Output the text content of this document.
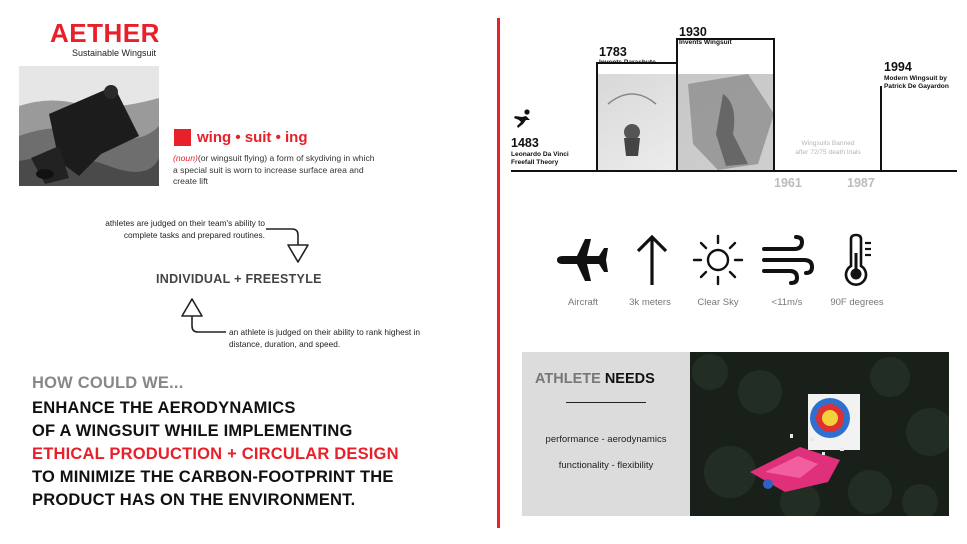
AETHER
Sustainable Wingsuit
wing • suit • ing
(noun)(or wingsuit flying) a form of skydiving in which a special suit is worn to increase surface area and create lift
athletes are judged on their team's ability to complete tasks and prepared routines.
INDIVIDUAL + FREESTYLE
an athlete is judged on their ability to rank highest in distance, duration, and speed.
HOW COULD WE...
ENHANCE THE AERODYNAMICS
OF A WINGSUIT WHILE IMPLEMENTING
ETHICAL PRODUCTION + CIRCULAR DESIGN
TO MINIMIZE THE CARBON-FOOTPRINT THE
PRODUCT HAS ON THE ENVIRONMENT.
1483
Leonardo Da Vinci
Freefall Theory
1783
Invents Parachute
1930
Invents Wingsuit
Wingsuits Banned
after 72/75 death trials
1961	1987
1994
Modern Wingsuit by
Patrick De Gayardon
Aircraft	3k meters	Clear Sky	<11m/s	90F degrees
ATHLETE NEEDS
performance - aerodynamics
functionality - flexibility
